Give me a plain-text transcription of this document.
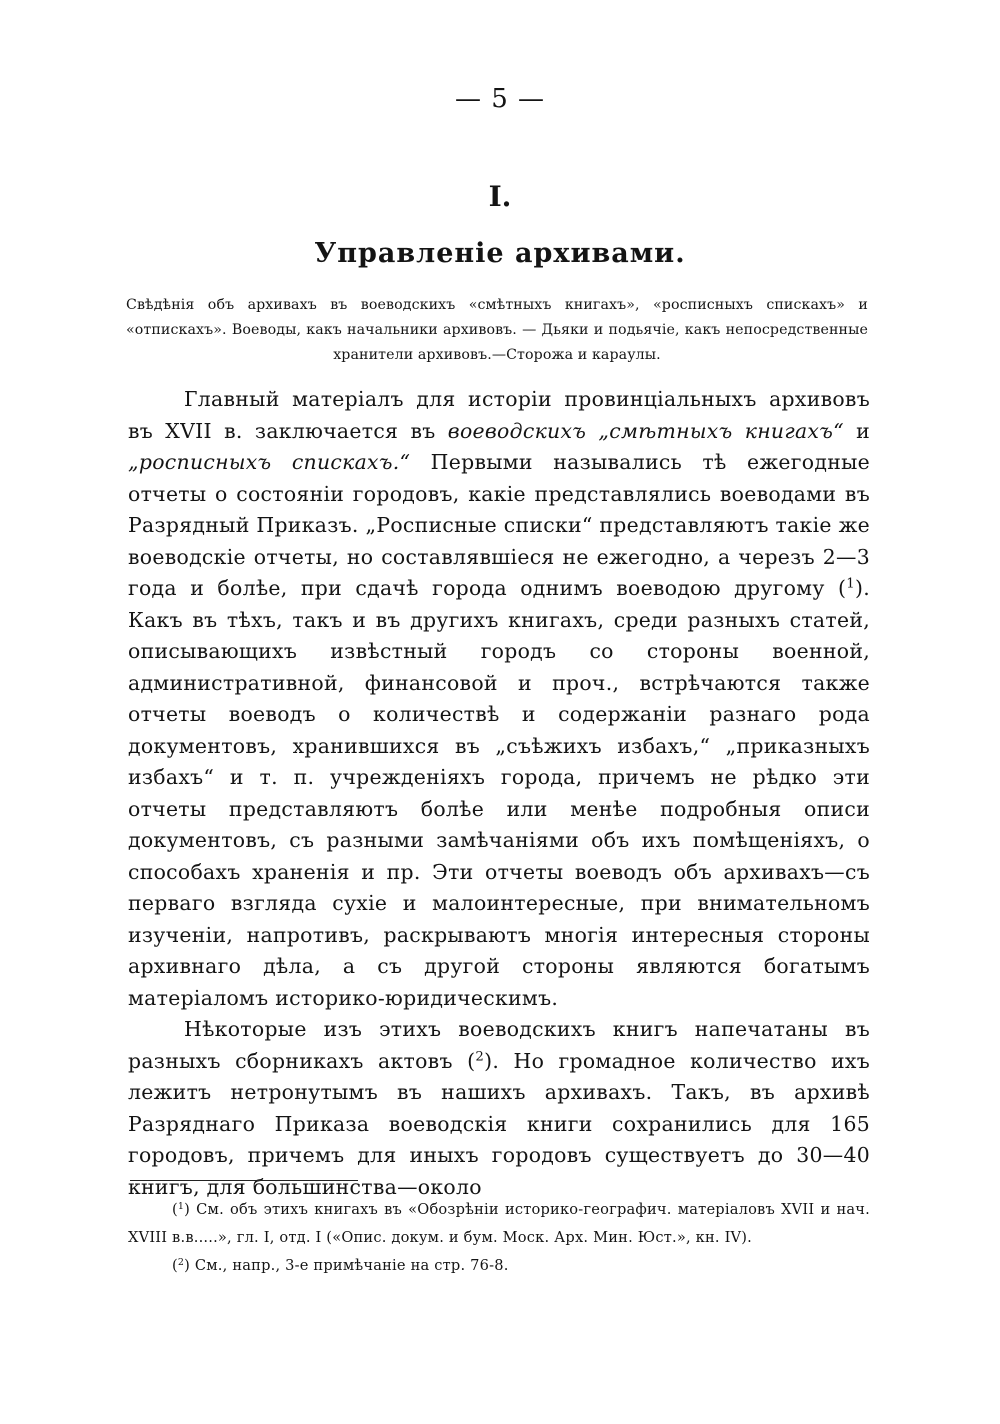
— 5 —
I.
Управленіе архивами.
Свѣдѣнія объ архивахъ въ воеводскихъ «смѣтныхъ книгахъ», «росписныхъ спискахъ» и «отпискахъ». Воеводы, какъ начальники архивовъ. — Дьяки и подьячіе, какъ непосредственные хранители архивовъ.—Сторожа и караулы.

Главный матеріалъ для исторіи провинціальныхъ архивовъ въ XVII в. заключается въ воеводскихъ „смѣтныхъ книгахъ“ и „росписныхъ спискахъ.“ Первыми назывались тѣ ежегодные отчеты о состояніи городовъ, какіе представлялись воеводами въ Разрядный Приказъ. „Росписные списки“ представляютъ такіе же воеводскіе отчеты, но составлявшіеся не ежегодно, а черезъ 2—3 года и болѣе, при сдачѣ города однимъ воеводою другому ($^1$). Какъ въ тѣхъ, такъ и въ другихъ книгахъ, среди разныхъ статей, описывающихъ извѣстный городъ со стороны военной, административной, финансовой и проч., встрѣчаются также отчеты воеводъ о количествѣ и содержаніи разнаго рода документовъ, хранившихся въ „съѣжихъ избахъ,“ „приказныхъ избахъ“ и т. п. учрежденіяхъ города, причемъ не рѣдко эти отчеты представляютъ болѣе или менѣе подробныя описи документовъ, съ разными замѣчаніями объ ихъ помѣщеніяхъ, о способахъ храненія и пр. Эти отчеты воеводъ объ архивахъ—съ перваго взгляда сухіе и малоинтересные, при внимательномъ изученіи, напротивъ, раскрываютъ многія интересныя стороны архивнаго дѣла, а съ другой стороны являются богатымъ матеріаломъ историко-юридическимъ.

Нѣкоторые изъ этихъ воеводскихъ книгъ напечатаны въ разныхъ сборникахъ актовъ ($^2$). Но громадное количество ихъ лежитъ нетронутымъ въ нашихъ архивахъ. Такъ, въ архивѣ Разряднаго Приказа воеводскія книги сохранились для 165 городовъ, причемъ для иныхъ городовъ существуетъ до 30—40 книгъ, для большинства—около

($^1$) См. объ этихъ книгахъ въ «Обозрѣніи историко-географич. матеріаловъ XVII и нач. XVIII в.в.....», гл. I, отд. I («Опис. докум. и бум. Моск. Арх. Мин. Юст.», кн. IV).

($^2$) См., напр., 3-е примѣчаніе на стр. 76-8.
